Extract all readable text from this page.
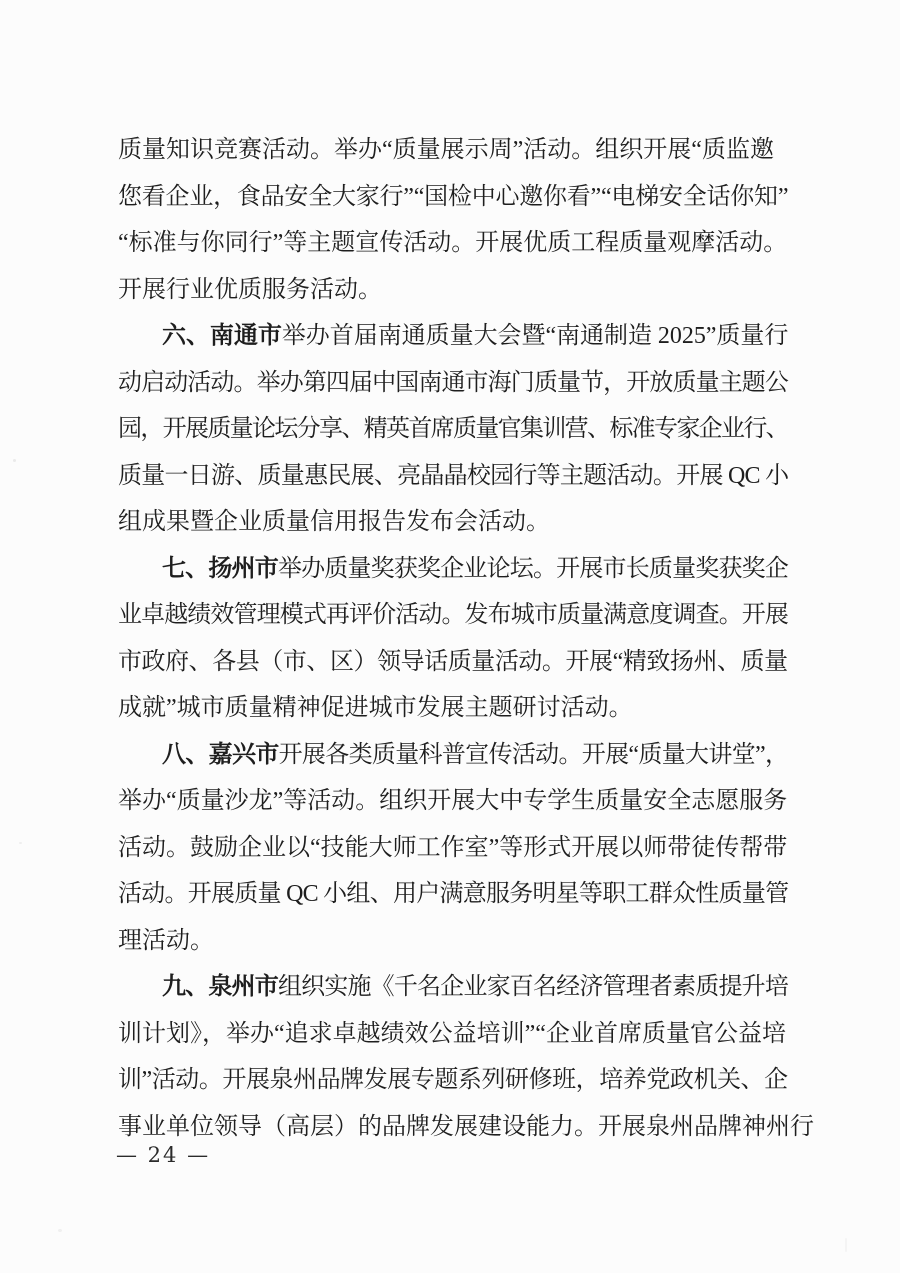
质量知识竞赛活动。举办“质量展示周”活动。组织开展“质监邀
您看企业，食品安全大家行”“国检中心邀你看”“电梯安全话你知”
“标准与你同行”等主题宣传活动。开展优质工程质量观摩活动。
开展行业优质服务活动。
六、南通市举办首届南通质量大会暨“南通制造 2025”质量行
动启动活动。举办第四届中国南通市海门质量节，开放质量主题公
园，开展质量论坛分享、精英首席质量官集训营、标准专家企业行、
质量一日游、质量惠民展、亮晶晶校园行等主题活动。开展 QC 小
组成果暨企业质量信用报告发布会活动。
七、扬州市举办质量奖获奖企业论坛。开展市长质量奖获奖企
业卓越绩效管理模式再评价活动。发布城市质量满意度调查。开展
市政府、各县（市、区）领导话质量活动。开展“精致扬州、质量
成就”城市质量精神促进城市发展主题研讨活动。
八、嘉兴市开展各类质量科普宣传活动。开展“质量大讲堂”，
举办“质量沙龙”等活动。组织开展大中专学生质量安全志愿服务
活动。鼓励企业以“技能大师工作室”等形式开展以师带徒传帮带
活动。开展质量 QC 小组、用户满意服务明星等职工群众性质量管
理活动。
九、泉州市组织实施《千名企业家百名经济管理者素质提升培
训计划》，举办“追求卓越绩效公益培训”“企业首席质量官公益培
训”活动。开展泉州品牌发展专题系列研修班，培养党政机关、企
事业单位领导（高层）的品牌发展建设能力。开展泉州品牌神州行
— 24 —
